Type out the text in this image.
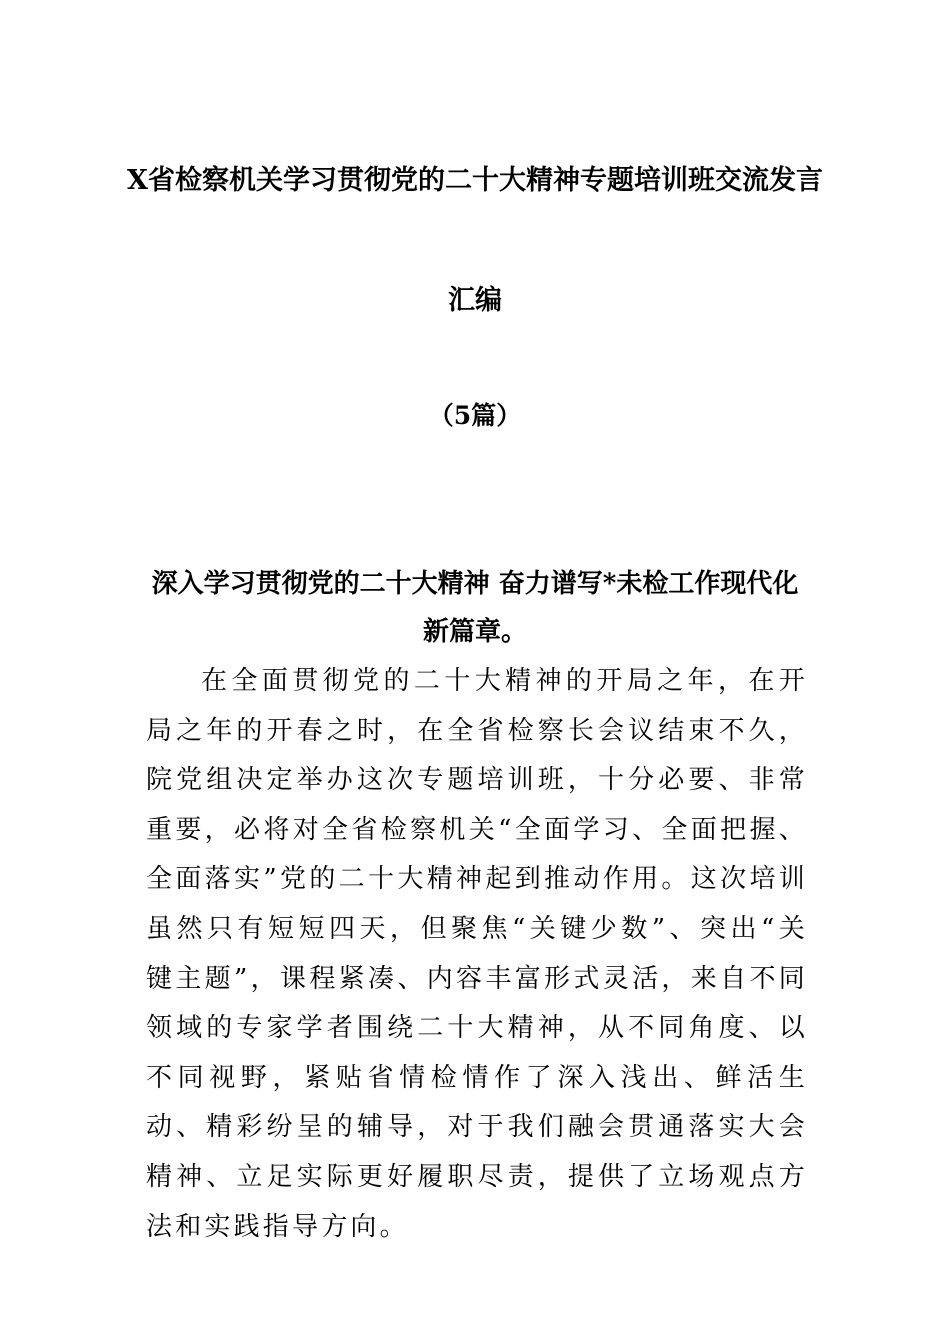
X省检察机关学习贯彻党的二十大精神专题培训班交流发言
汇编
（5篇）
深入学习贯彻党的二十大精神 奋力谱写*未检工作现代化
新篇章。

在全面贯彻党的二十大精神的开局之年，在开局之年的开春之时，在全省检察长会议结束不久，院党组决定举办这次专题培训班，十分必要、非常重要，必将对全省检察机关“全面学习、全面把握、全面落实”党的二十大精神起到推动作用。这次培训虽然只有短短四天，但聚焦“关键少数”、突出“关键主题”，课程紧凑、内容丰富形式灵活，来自不同领域的专家学者围绕二十大精神，从不同角度、以不同视野，紧贴省情检情作了深入浅出、鲜活生动、精彩纷呈的辅导，对于我们融会贯通落实大会精神、立足实际更好履职尽责，提供了立场观点方法和实践指导方向。
